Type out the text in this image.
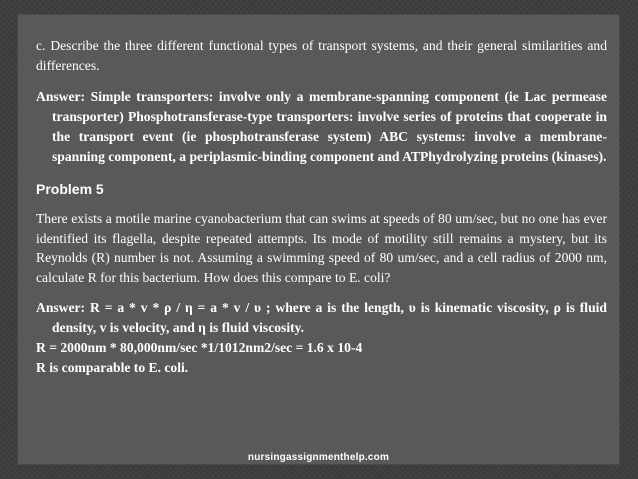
c. Describe the three different functional types of transport systems, and their general similarities and differences.

Answer: Simple transporters: involve only a membrane-spanning component (ie Lac permease transporter) Phosphotransferase-type transporters: involve series of proteins that cooperate in the transport event (ie phosphotransferase system) ABC systems: involve a membrane-spanning component, a periplasmic-binding component and ATPhydrolyzing proteins (kinases).

Problem 5

There exists a motile marine cyanobacterium that can swims at speeds of 80 um/sec, but no one has ever identified its flagella, despite repeated attempts. Its mode of motility still remains a mystery, but its Reynolds (R) number is not. Assuming a swimming speed of 80 um/sec, and a cell radius of 2000 nm, calculate R for this bacterium. How does this compare to E. coli?

Answer: R = a * v * ρ / η = a * v / υ ; where a is the length, υ is kinematic viscosity, ρ is fluid density, v is velocity, and η is fluid viscosity.

R = 2000nm * 80,000nm/sec *1/1012nm2/sec = 1.6 x 10-4

R is comparable to E. coli.

nursingassignmenthelp.com
